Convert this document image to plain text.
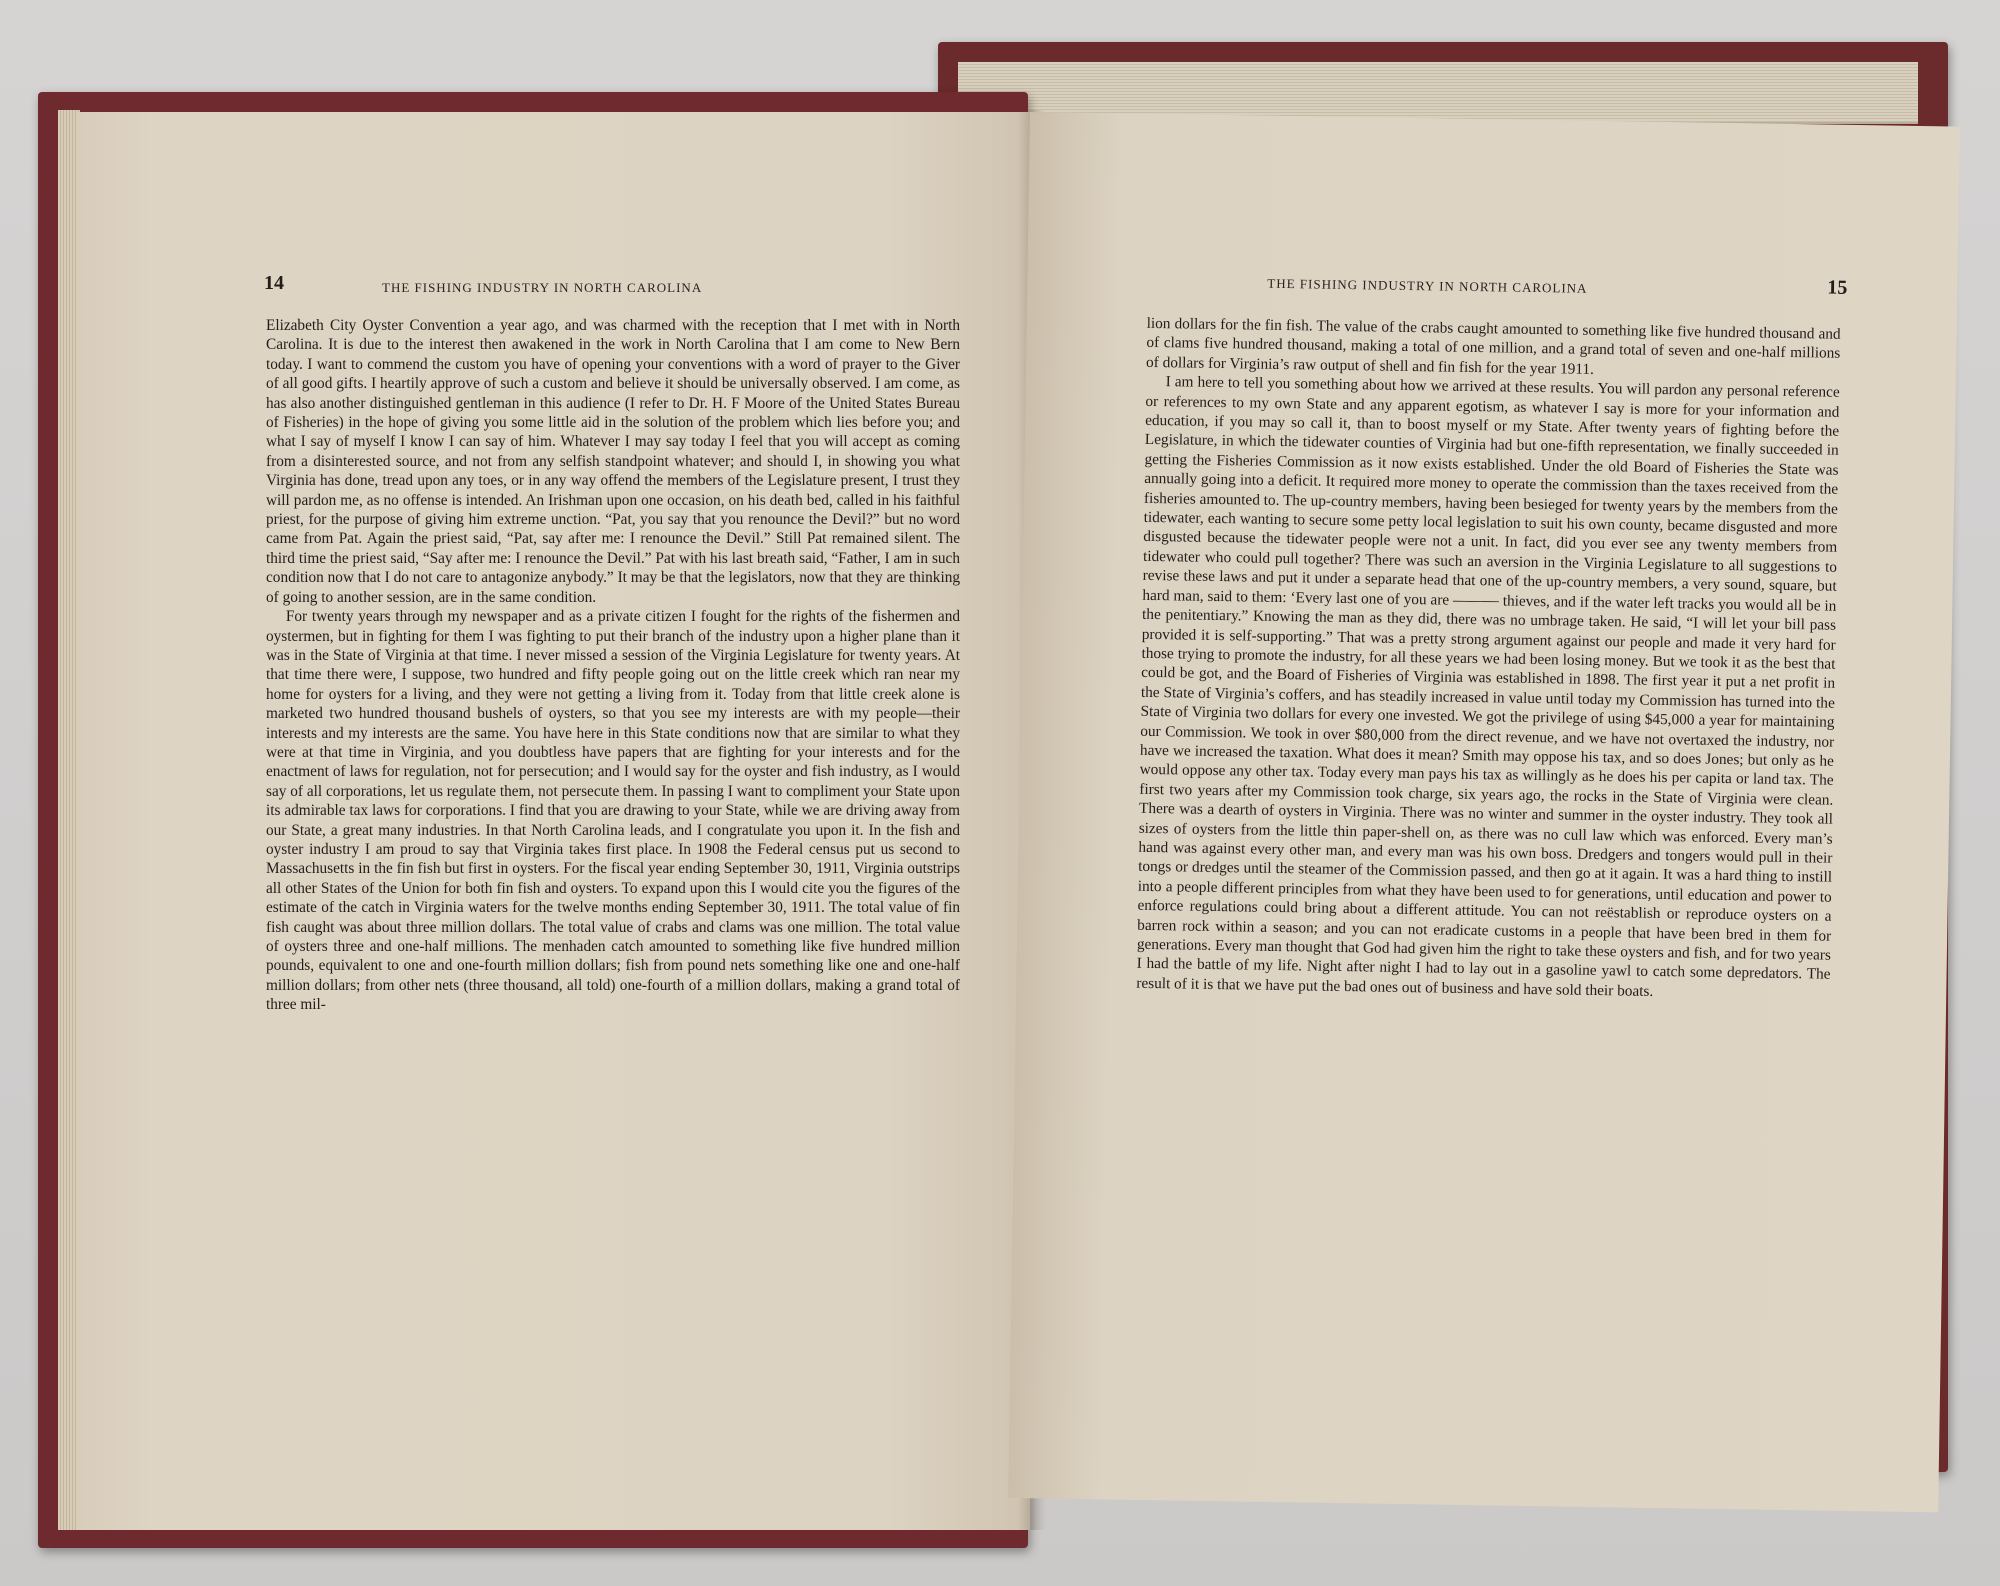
14	THE FISHING INDUSTRY IN NORTH CAROLINA

Elizabeth City Oyster Convention a year ago, and was charmed with the reception that I met with in North Carolina. It is due to the interest then awakened in the work in North Carolina that I am come to New Bern today. I want to commend the custom you have of opening your conventions with a word of prayer to the Giver of all good gifts. I heartily approve of such a custom and believe it should be universally observed. I am come, as has also another distinguished gentleman in this audience (I refer to Dr. H. F Moore of the United States Bureau of Fisheries) in the hope of giving you some little aid in the solution of the problem which lies before you; and what I say of myself I know I can say of him. Whatever I may say today I feel that you will accept as coming from a disinterested source, and not from any selfish standpoint whatever; and should I, in showing you what Virginia has done, tread upon any toes, or in any way offend the members of the Legislature present, I trust they will pardon me, as no offense is intended. An Irishman upon one occasion, on his death bed, called in his faithful priest, for the purpose of giving him extreme unction. “Pat, you say that you renounce the Devil?” but no word came from Pat. Again the priest said, “Pat, say after me: I renounce the Devil.” Still Pat remained silent. The third time the priest said, “Say after me: I renounce the Devil.” Pat with his last breath said, “Father, I am in such condition now that I do not care to antagonize anybody.” It may be that the legislators, now that they are thinking of going to another session, are in the same condition.

For twenty years through my newspaper and as a private citizen I fought for the rights of the fishermen and oystermen, but in fighting for them I was fighting to put their branch of the industry upon a higher plane than it was in the State of Virginia at that time. I never missed a session of the Virginia Legislature for twenty years. At that time there were, I suppose, two hundred and fifty people going out on the little creek which ran near my home for oysters for a living, and they were not getting a living from it. Today from that little creek alone is marketed two hundred thousand bushels of oysters, so that you see my interests are with my people—their interests and my interests are the same. You have here in this State conditions now that are similar to what they were at that time in Virginia, and you doubtless have papers that are fighting for your interests and for the enactment of laws for regulation, not for persecution; and I would say for the oyster and fish industry, as I would say of all corporations, let us regulate them, not persecute them. In passing I want to compliment your State upon its admirable tax laws for corporations. I find that you are drawing to your State, while we are driving away from our State, a great many industries. In that North Carolina leads, and I congratulate you upon it. In the fish and oyster industry I am proud to say that Virginia takes first place. In 1908 the Federal census put us second to Massachusetts in the fin fish but first in oysters. For the fiscal year ending September 30, 1911, Virginia outstrips all other States of the Union for both fin fish and oysters. To expand upon this I would cite you the figures of the estimate of the catch in Virginia waters for the twelve months ending September 30, 1911. The total value of fin fish caught was about three million dollars. The total value of crabs and clams was one million. The total value of oysters three and one-half millions. The menhaden catch amounted to something like five hundred million pounds, equivalent to one and one-fourth million dollars; fish from pound nets something like one and one-half million dollars; from other nets (three thousand, all told) one-fourth of a million dollars, making a grand total of three mil-

THE FISHING INDUSTRY IN NORTH CAROLINA	15

lion dollars for the fin fish. The value of the crabs caught amounted to something like five hundred thousand and of clams five hundred thousand, making a total of one million, and a grand total of seven and one-half millions of dollars for Virginia’s raw output of shell and fin fish for the year 1911.

I am here to tell you something about how we arrived at these results. You will pardon any personal reference or references to my own State and any apparent egotism, as whatever I say is more for your information and education, if you may so call it, than to boost myself or my State. After twenty years of fighting before the Legislature, in which the tidewater counties of Virginia had but one-fifth representation, we finally succeeded in getting the Fisheries Commission as it now exists established. Under the old Board of Fisheries the State was annually going into a deficit. It required more money to operate the commission than the taxes received from the fisheries amounted to. The up-country members, having been besieged for twenty years by the members from the tidewater, each wanting to secure some petty local legislation to suit his own county, became disgusted and more disgusted because the tidewater people were not a unit. In fact, did you ever see any twenty members from tidewater who could pull together? There was such an aversion in the Virginia Legislature to all suggestions to revise these laws and put it under a separate head that one of the up-country members, a very sound, square, but hard man, said to them: ‘Every last one of you are ——— thieves, and if the water left tracks you would all be in the penitentiary.” Knowing the man as they did, there was no umbrage taken. He said, “I will let your bill pass provided it is self-supporting.” That was a pretty strong argument against our people and made it very hard for those trying to promote the industry, for all these years we had been losing money. But we took it as the best that could be got, and the Board of Fisheries of Virginia was established in 1898. The first year it put a net profit in the State of Virginia’s coffers, and has steadily increased in value until today my Commission has turned into the State of Virginia two dollars for every one invested. We got the privilege of using $45,000 a year for maintaining our Commission. We took in over $80,000 from the direct revenue, and we have not overtaxed the industry, nor have we increased the taxation. What does it mean? Smith may oppose his tax, and so does Jones; but only as he would oppose any other tax. Today every man pays his tax as willingly as he does his per capita or land tax. The first two years after my Commission took charge, six years ago, the rocks in the State of Virginia were clean. There was a dearth of oysters in Virginia. There was no winter and summer in the oyster industry. They took all sizes of oysters from the little thin paper-shell on, as there was no cull law which was enforced. Every man’s hand was against every other man, and every man was his own boss. Dredgers and tongers would pull in their tongs or dredges until the steamer of the Commission passed, and then go at it again. It was a hard thing to instill into a people different principles from what they have been used to for generations, until education and power to enforce regulations could bring about a different attitude. You can not reëstablish or reproduce oysters on a barren rock within a season; and you can not eradicate customs in a people that have been bred in them for generations. Every man thought that God had given him the right to take these oysters and fish, and for two years I had the battle of my life. Night after night I had to lay out in a gasoline yawl to catch some depredators. The result of it is that we have put the bad ones out of business and have sold their boats.
